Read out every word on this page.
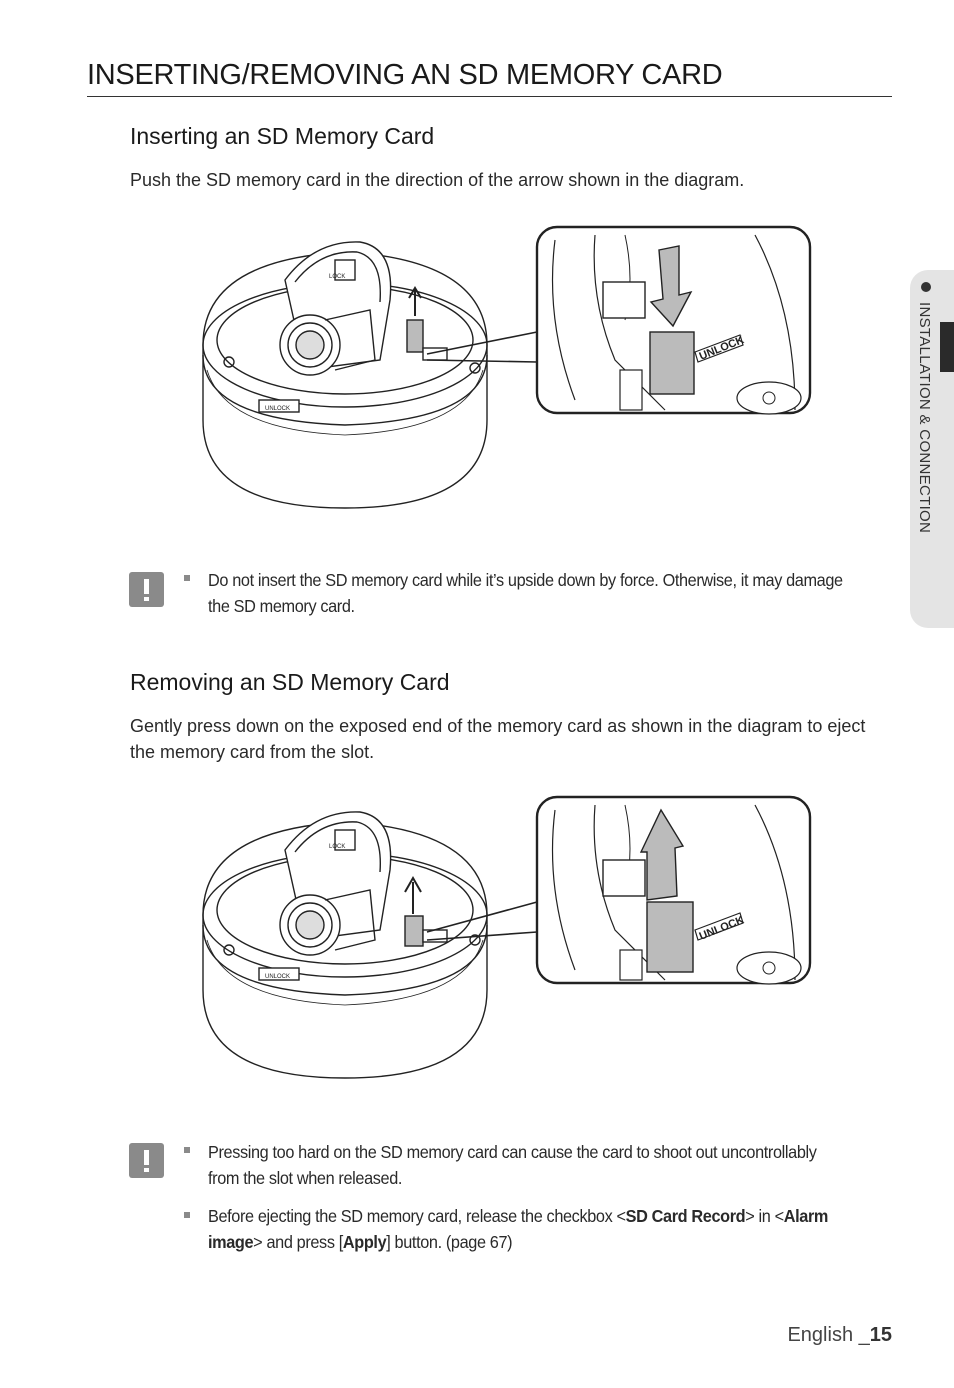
INSERTING/REMOVING AN SD MEMORY CARD
Inserting an SD Memory Card
Push the SD memory card in the direction of the arrow shown in the diagram.
UNLOCK
LOCK
UNLOCK
Do not insert the SD memory card while it’s upside down by force. Otherwise, it may damage the SD memory card.
Removing an SD Memory Card
Gently press down on the exposed end of the memory card as shown in the diagram to eject the memory card from the slot.
UNLOCK
LOCK
UNLOCK
Pressing too hard on the SD memory card can cause the card to shoot out uncontrollably from the slot when released.
Before ejecting the SD memory card, release the checkbox <SD Card Record> in <Alarm image> and press [Apply] button. (page 67)
INSTALLATION & CONNECTION
English _15
